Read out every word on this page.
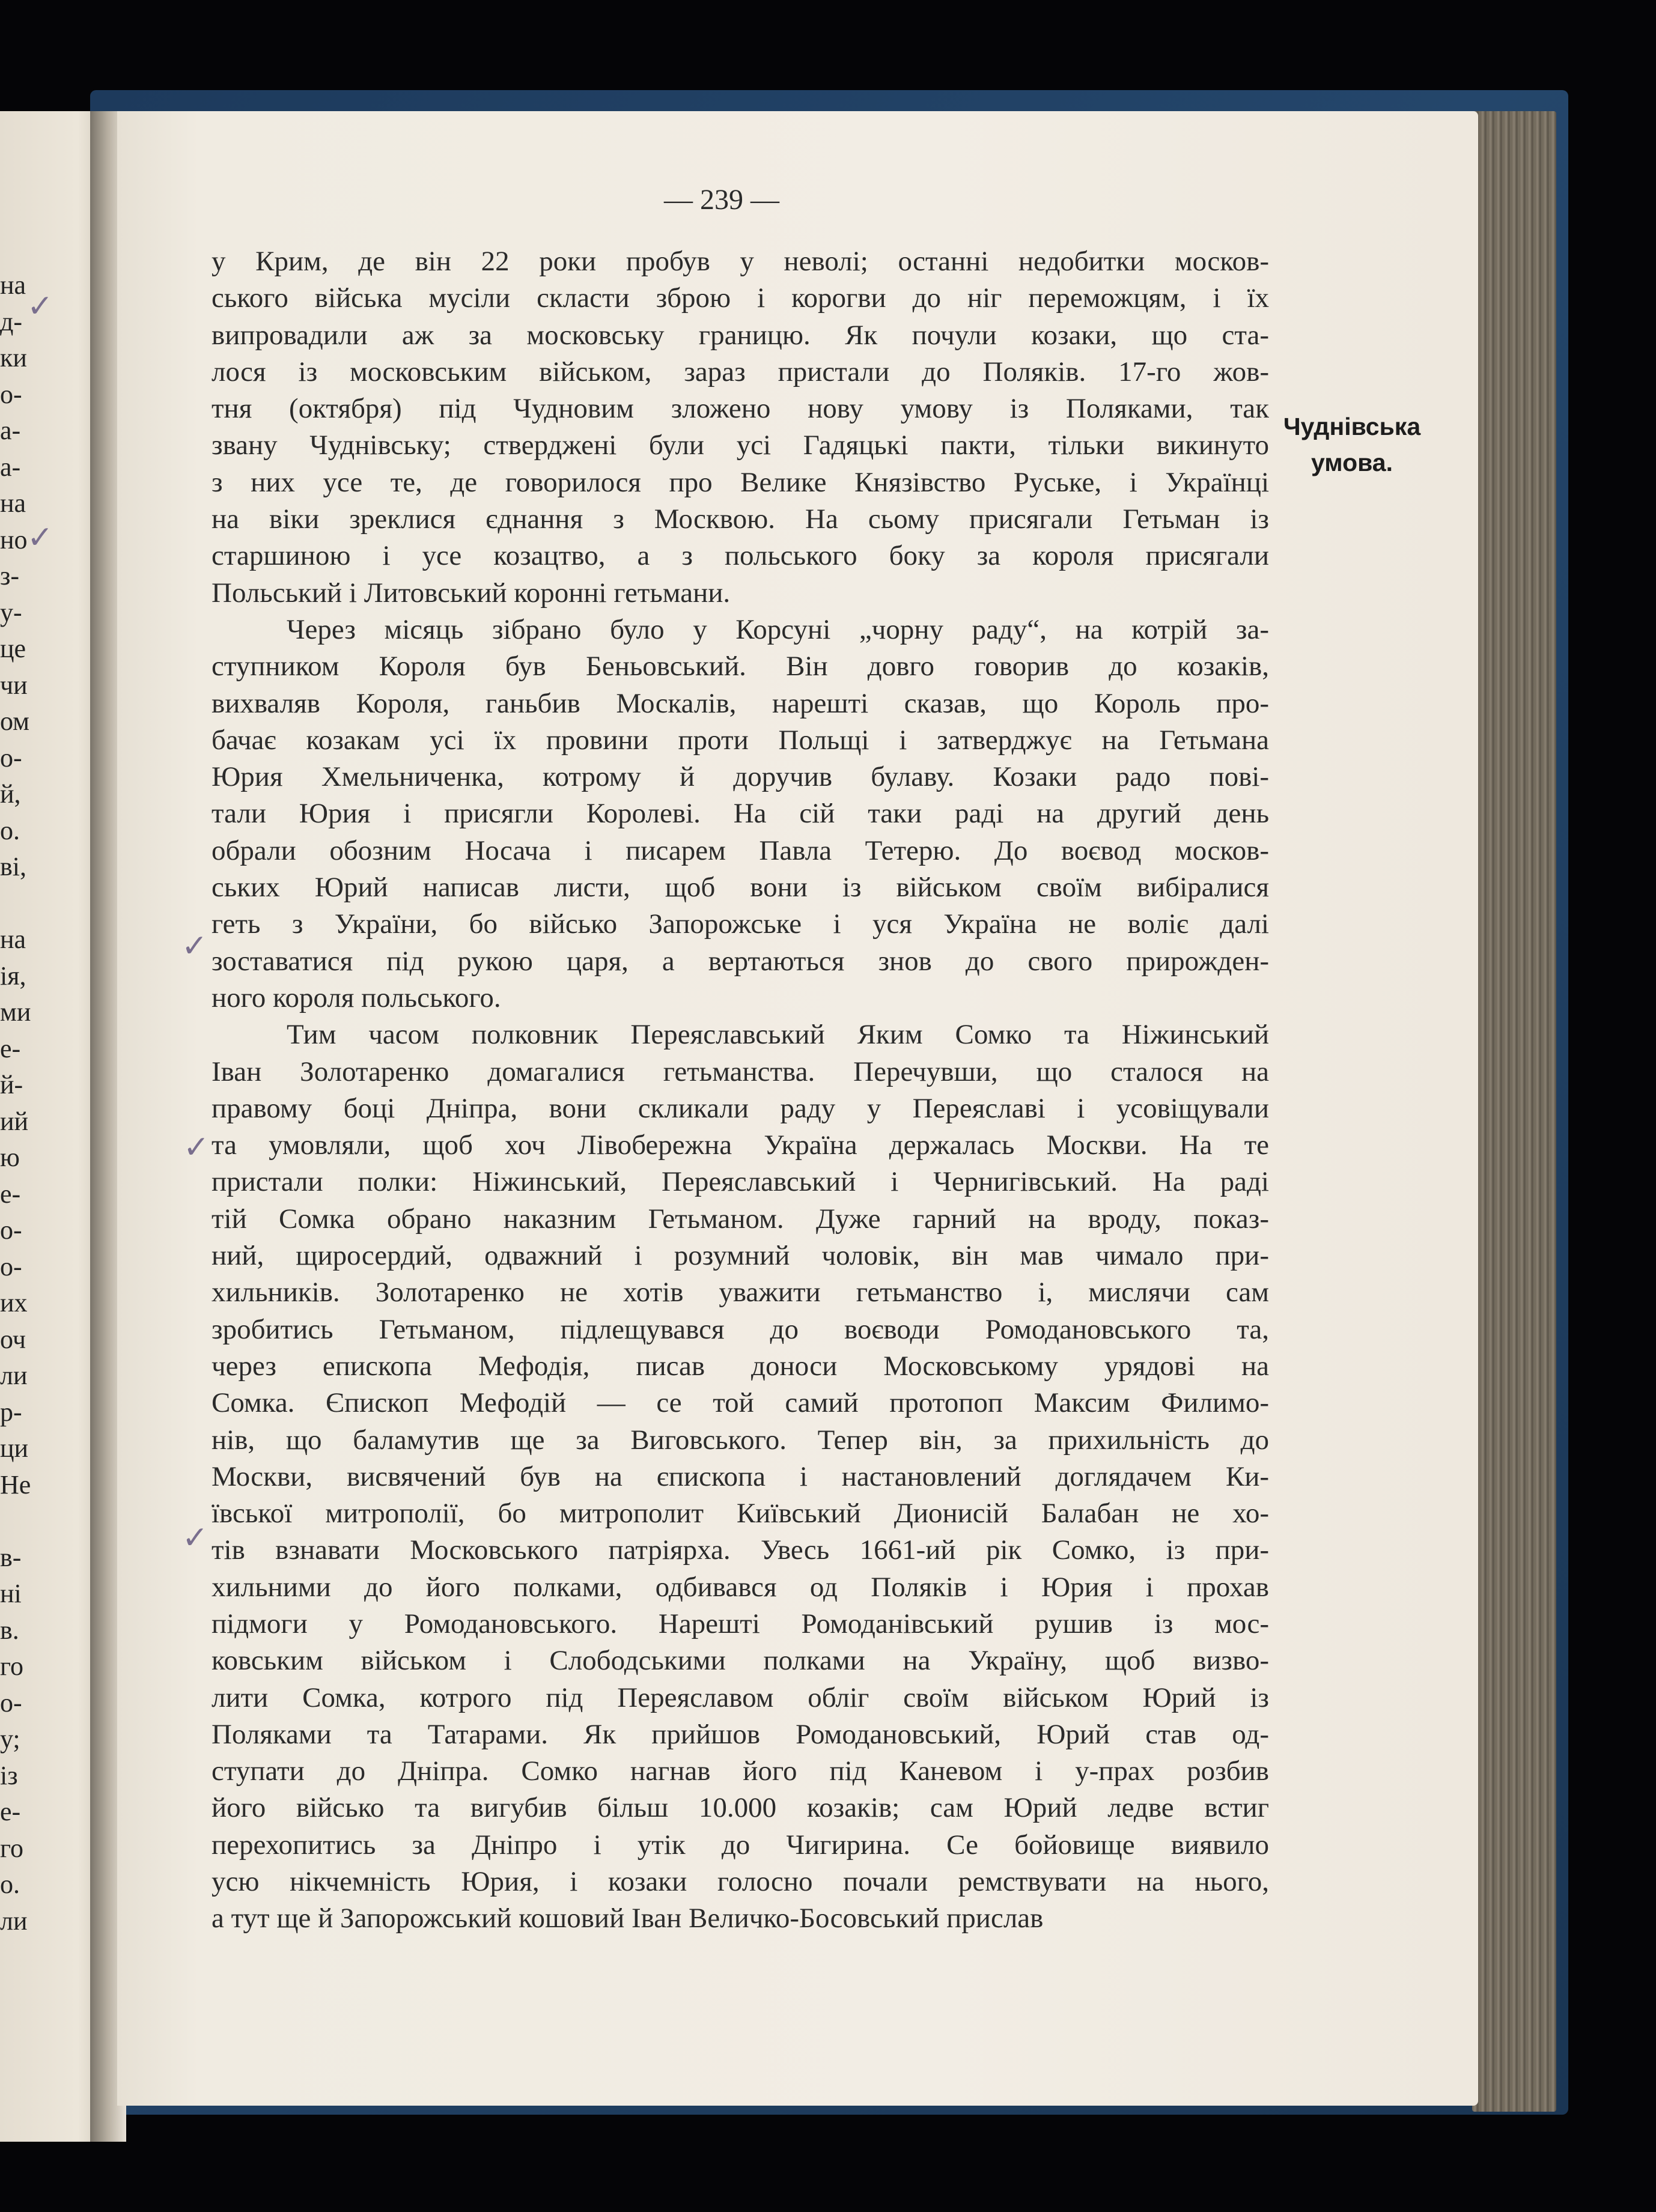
на
д-
ки
о-
а-
а-
на
но
з-
у-
це
чи
ом
о-
й,
о.
ві,
на
ія,
ми
е-
й-
ий
ю
е-
о-
о-
их
оч
ли
р-
ци
Не
в-
ні
в.
го
о-
у;
із
е-
го
о.
ли
— 239 —
у Крим, де він 22 роки пробув у неволі; останні недобитки москов-
ського війська мусіли скласти зброю і корогви до ніг переможцям, і їх
випровадили аж за московську границю. Як почули козаки, що ста-
лося із московським військом, зараз пристали до Поляків. 17-го жов-
тня (октября) під Чудновим зложено нову умову із Поляками, так
звану Чуднівську; стверджені були усі Гадяцькі пакти, тільки викинуто
з них усе те, де говорилося про Велике Князівство Руське, і Українці
на віки зреклися єднання з Москвою. На сьому присягали Гетьман із
старшиною і усе козацтво, а з польського боку за короля присягали
Польський і Литовський коронні гетьмани.
Через місяць зібрано було у Корсуні „чорну раду“, на котрій за-
ступником Короля був Беньовський. Він довго говорив до козаків,
вихваляв Короля, ганьбив Москалів, нарешті сказав, що Король про-
бачає козакам усі їх провини проти Польщі і затверджує на Гетьмана
Юрия Хмельниченка, котрому й доручив булаву. Козаки радо пові-
тали Юрия і присягли Королеві. На сій таки раді на другий день
обрали обозним Носача і писарем Павла Тетерю. До воєвод москов-
ських Юрий написав листи, щоб вони із військом своїм вибіралися
геть з України, бо військо Запорожське і уся Україна не воліє далі
зоставатися під рукою царя, а вертаються знов до свого прирожден-
ного короля польського.
Тим часом полковник Переяславський Яким Сомко та Ніжинський
Іван Золотаренко домагалися гетьманства. Перечувши, що сталося на
правому боці Дніпра, вони скликали раду у Переяславі і усовіщували
та умовляли, щоб хоч Лівобережна Україна держалась Москви. На те
пристали полки: Ніжинський, Переяславський і Чернигівський. На раді
тій Сомка обрано наказним Гетьманом. Дуже гарний на вроду, показ-
ний, щиросердий, одважний і розумний чоловік, він мав чимало при-
хильників. Золотаренко не хотів уважити гетьманство і, мислячи сам
зробитись Гетьманом, підлещувався до воєводи Ромодановського та,
через епископа Мефодія, писав доноси Московському урядові на
Сомка. Єпископ Мефодій — се той самий протопоп Максим Филимо-
нів, що баламутив ще за Виговського. Тепер він, за прихильність до
Москви, висвячений був на єпископа і настановлений доглядачем Ки-
ївської митрополії, бо митрополит Київський Дионисій Балабан не хо-
тів взнавати Московського патріярха. Увесь 1661-ий рік Сомко, із при-
хильними до його полками, одбивався од Поляків і Юрия і прохав
підмоги у Ромодановського. Нарешті Ромоданівський рушив із мос-
ковським військом і Слободськими полками на Україну, щоб визво-
лити Сомка, котрого під Переяславом обліг своїм військом Юрий із
Поляками та Татарами. Як прийшов Ромодановський, Юрий став од-
ступати до Дніпра. Сомко нагнав його під Каневом і у-прах розбив
його військо та вигубив більш 10.000 козаків; сам Юрий ледве встиг
перехопитись за Дніпро і утік до Чигирина. Се бойовище виявило
усю нікчемність Юрия, і козаки голосно почали ремствувати на нього,
а тут ще й Запорожський кошовий Іван Величко-Босовський прислав
Чуднівська
умова.
✓
✓
✓
✓
✓
